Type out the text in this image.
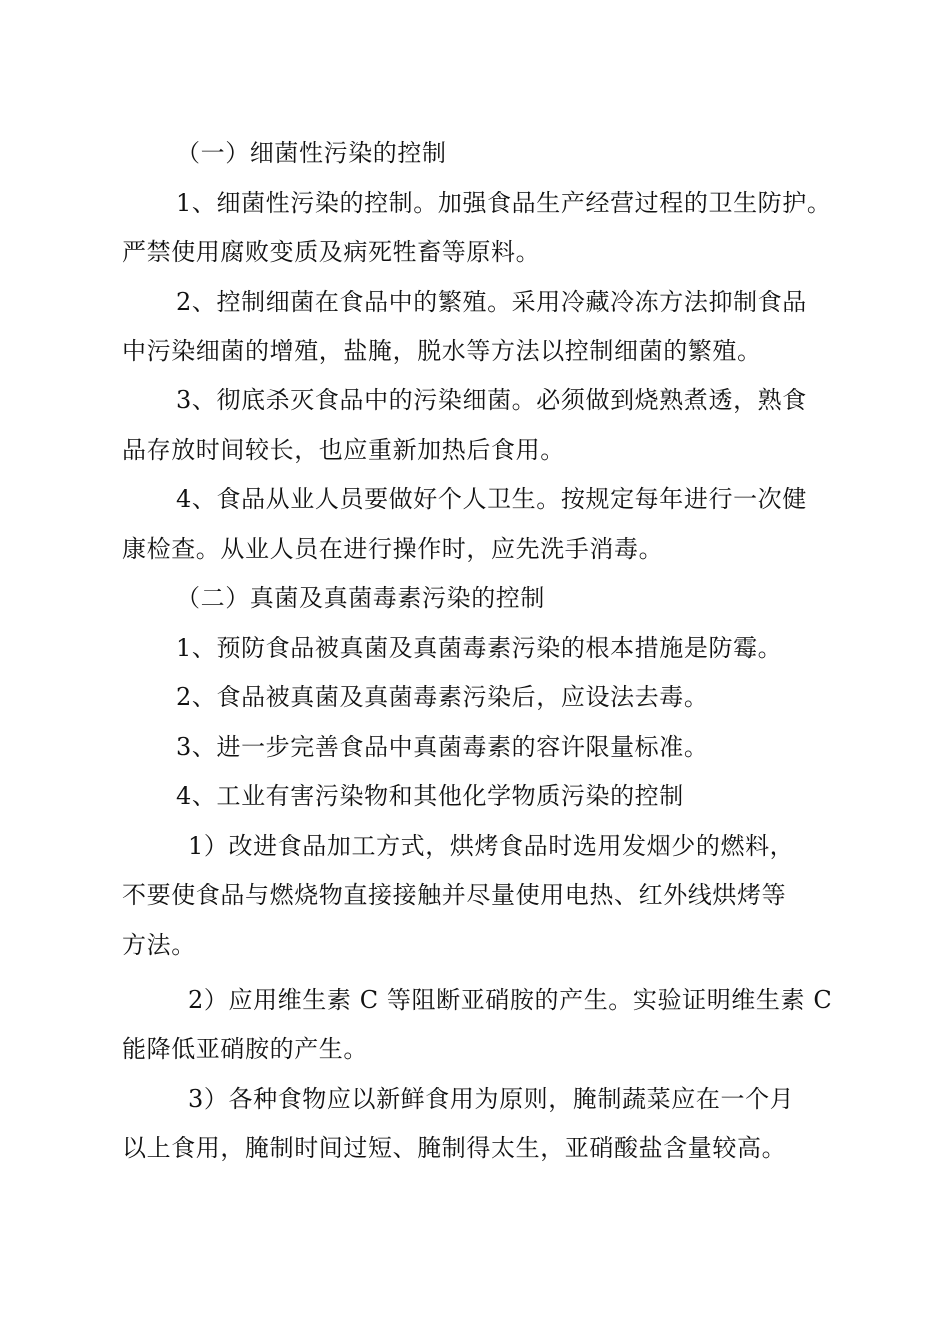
（一）细菌性污染的控制
1、细菌性污染的控制。加强食品生产经营过程的卫生防护。
严禁使用腐败变质及病死牲畜等原料。
2、控制细菌在食品中的繁殖。采用冷藏冷冻方法抑制食品
中污染细菌的增殖，盐腌，脱水等方法以控制细菌的繁殖。
3、彻底杀灭食品中的污染细菌。必须做到烧熟煮透，熟食
品存放时间较长，也应重新加热后食用。
4、食品从业人员要做好个人卫生。按规定每年进行一次健
康检查。从业人员在进行操作时，应先洗手消毒。
（二）真菌及真菌毒素污染的控制
1、预防食品被真菌及真菌毒素污染的根本措施是防霉。
2、食品被真菌及真菌毒素污染后，应设法去毒。
3、进一步完善食品中真菌毒素的容许限量标准。
4、工业有害污染物和其他化学物质污染的控制
1）改进食品加工方式，烘烤食品时选用发烟少的燃料，
不要使食品与燃烧物直接接触并尽量使用电热、红外线烘烤等
方法。
2）应用维生素 C 等阻断亚硝胺的产生。实验证明维生素 C
能降低亚硝胺的产生。
3）各种食物应以新鲜食用为原则，腌制蔬菜应在一个月
以上食用，腌制时间过短、腌制得太生，亚硝酸盐含量较高。
